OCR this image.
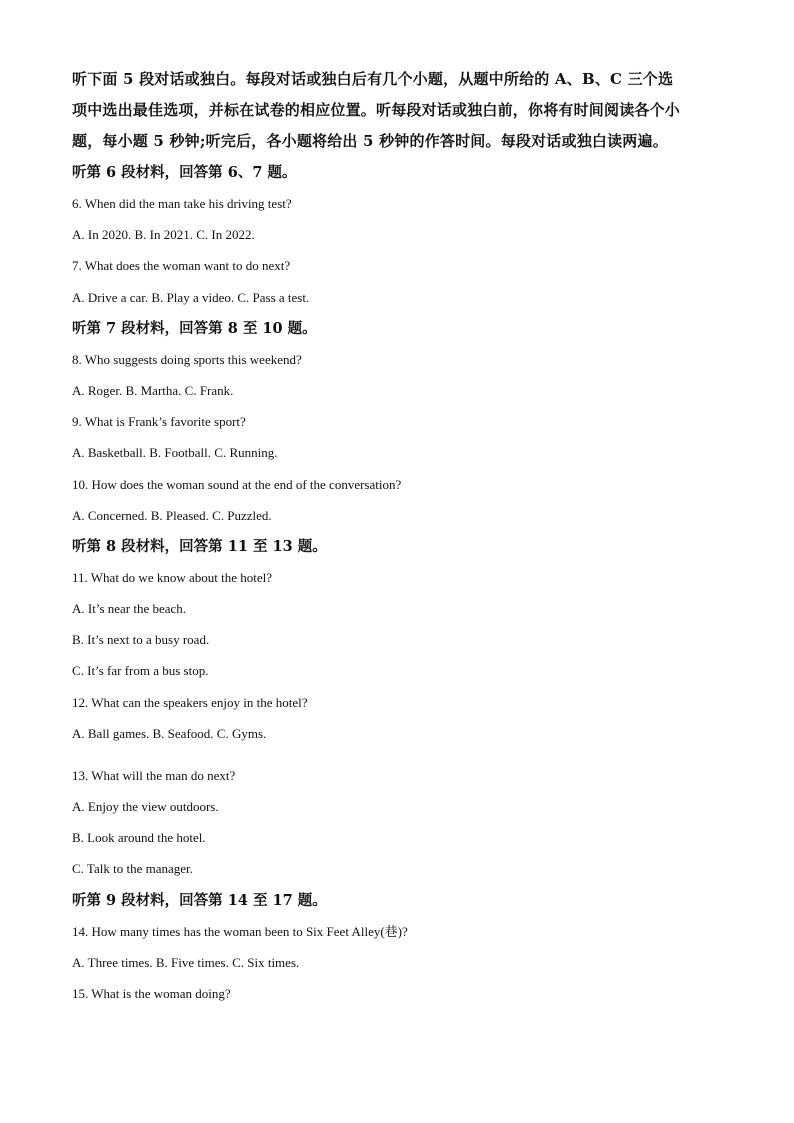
听下面 5 段对话或独白。每段对话或独白后有几个小题，从题中所给的 A、B、C 三个选
项中选出最佳选项，并标在试卷的相应位置。听每段对话或独白前，你将有时间阅读各个小
题，每小题 5 秒钟;听完后，各小题将给出 5 秒钟的作答时间。每段对话或独白读两遍。

听第 6 段材料，回答第 6、7 题。

6. When did the man take his driving test?

A. In 2020. B. In 2021. C. In 2022.

7. What does the woman want to do next?

A. Drive a car. B. Play a video. C. Pass a test.

听第 7 段材料，回答第 8 至 10 题。

8. Who suggests doing sports this weekend?

A. Roger. B. Martha. C. Frank.

9. What is Frank’s favorite sport?

A. Basketball. B. Football. C. Running.

10. How does the woman sound at the end of the conversation?

A. Concerned. B. Pleased. C. Puzzled.

听第 8 段材料，回答第 11 至 13 题。

11. What do we know about the hotel?

A. It’s near the beach.

B. It’s next to a busy road.

C. It’s far from a bus stop.

12. What can the speakers enjoy in the hotel?

A. Ball games. B. Seafood. C. Gyms.

13. What will the man do next?

A. Enjoy the view outdoors.

B. Look around the hotel.

C. Talk to the manager.

听第 9 段材料，回答第 14 至 17 题。

14. How many times has the woman been to Six Feet Alley(巷)?

A. Three times. B. Five times. C. Six times.

15. What is the woman doing?
